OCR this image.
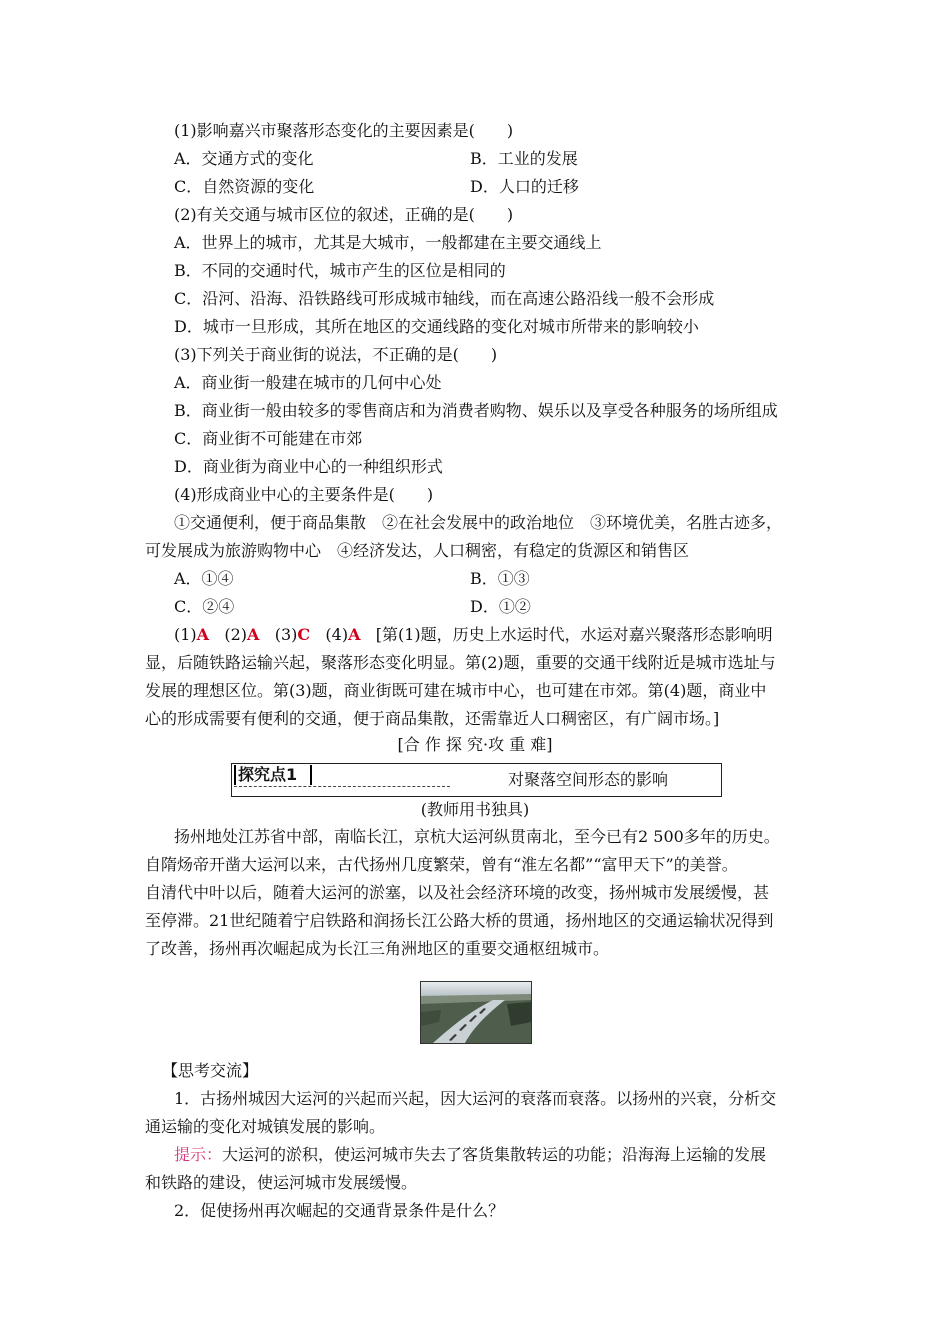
(1)影响嘉兴市聚落形态变化的主要因素是(　　)
A．交通方式的变化	B．工业的发展
C．自然资源的变化	D．人口的迁移
(2)有关交通与城市区位的叙述，正确的是(　　)
A．世界上的城市，尤其是大城市，一般都建在主要交通线上
B．不同的交通时代，城市产生的区位是相同的
C．沿河、沿海、沿铁路线可形成城市轴线，而在高速公路沿线一般不会形成
D．城市一旦形成，其所在地区的交通线路的变化对城市所带来的影响较小
(3)下列关于商业街的说法，不正确的是(　　)
A．商业街一般建在城市的几何中心处
B．商业街一般由较多的零售商店和为消费者购物、娱乐以及享受各种服务的场所组成
C．商业街不可能建在市郊
D．商业街为商业中心的一种组织形式
(4)形成商业中心的主要条件是(　　)
①交通便利，便于商品集散　②在社会发展中的政治地位　③环境优美，名胜古迹多，
可发展成为旅游购物中心　④经济发达，人口稠密，有稳定的货源区和销售区
A．①④	B．①③
C．②④	D．①②
(1)A (2)A (3)C (4)A [第(1)题，历史上水运时代，水运对嘉兴聚落形态影响明
显，后随铁路运输兴起，聚落形态变化明显。第(2)题，重要的交通干线附近是城市选址与
发展的理想区位。第(3)题，商业街既可建在城市中心，也可建在市郊。第(4)题，商业中
心的形成需要有便利的交通，便于商品集散，还需靠近人口稠密区，有广阔市场。]
[合 作 探 究·攻 重 难]
探究点1	对聚落空间形态的影响
(教师用书独具)
扬州地处江苏省中部，南临长江，京杭大运河纵贯南北，至今已有2 500多年的历史。
自隋炀帝开凿大运河以来，古代扬州几度繁荣，曾有“淮左名都”“富甲天下”的美誉。
自清代中叶以后，随着大运河的淤塞，以及社会经济环境的改变，扬州城市发展缓慢，甚
至停滞。21世纪随着宁启铁路和润扬长江公路大桥的贯通，扬州地区的交通运输状况得到
了改善，扬州再次崛起成为长江三角洲地区的重要交通枢纽城市。
【思考交流】
1．古扬州城因大运河的兴起而兴起，因大运河的衰落而衰落。以扬州的兴衰，分析交
通运输的变化对城镇发展的影响。
提示：大运河的淤积，使运河城市失去了客货集散转运的功能；沿海海上运输的发展
和铁路的建设，使运河城市发展缓慢。
2．促使扬州再次崛起的交通背景条件是什么？
